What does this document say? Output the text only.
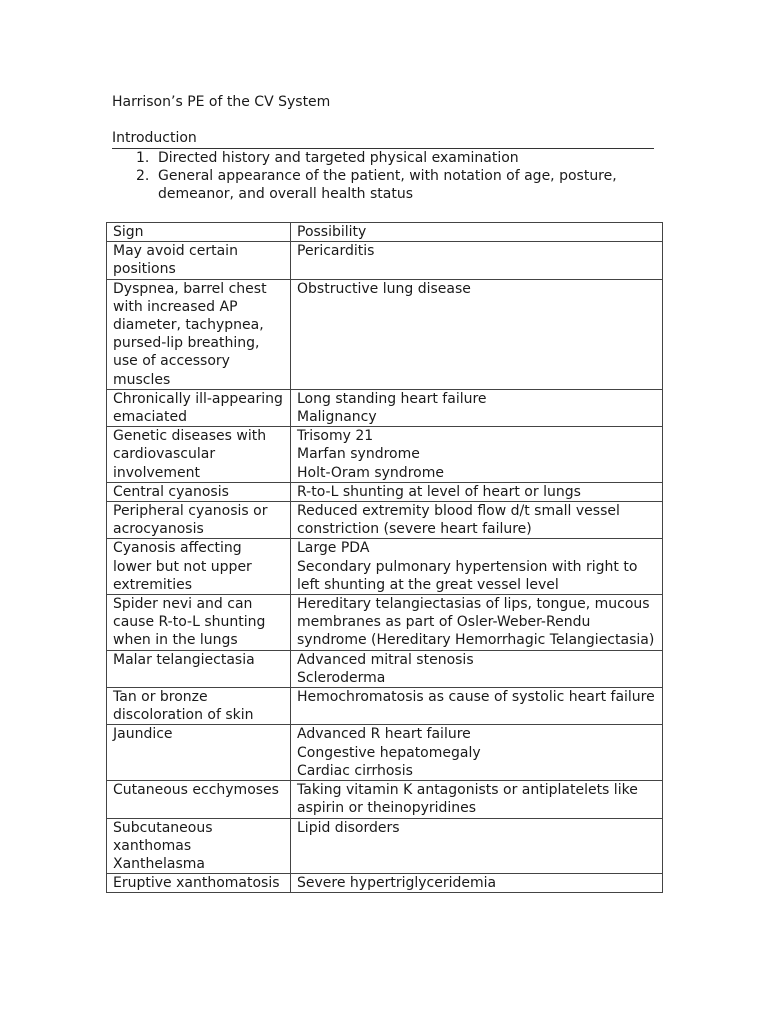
Harrison’s PE of the CV System
Introduction
1. Directed history and targeted physical examination
2. General appearance of the patient, with notation of age, posture, demeanor, and overall health status
Sign	Possibility
May avoid certain positions	Pericarditis

Dyspnea, barrel chest with increased AP diameter, tachypnea, pursed-lip breathing, use of accessory muscles	Obstructive lung disease

Chronically ill-appearing emaciated	Long standing heart failure
Malignancy

Genetic diseases with cardiovascular involvement	Trisomy 21
Marfan syndrome
Holt-Oram syndrome

Central cyanosis	R-to-L shunting at level of heart or lungs

Peripheral cyanosis or acrocyanosis	Reduced extremity blood flow d/t small vessel constriction (severe heart failure)

Cyanosis affecting lower but not upper extremities	Large PDA
Secondary pulmonary hypertension with right to left shunting at the great vessel level

Spider nevi and can cause R-to-L shunting when in the lungs	Hereditary telangiectasias of lips, tongue, mucous membranes as part of Osler-Weber-Rendu syndrome (Hereditary Hemorrhagic Telangiectasia)

Malar telangiectasia	Advanced mitral stenosis
Scleroderma

Tan or bronze discoloration of skin	Hemochromatosis as cause of systolic heart failure

Jaundice	Advanced R heart failure
Congestive hepatomegaly
Cardiac cirrhosis

Cutaneous ecchymoses	Taking vitamin K antagonists or antiplatelets like aspirin or theinopyridines

Subcutaneous xanthomas
Xanthelasma	Lipid disorders

Eruptive xanthomatosis	Severe hypertriglyceridemia
